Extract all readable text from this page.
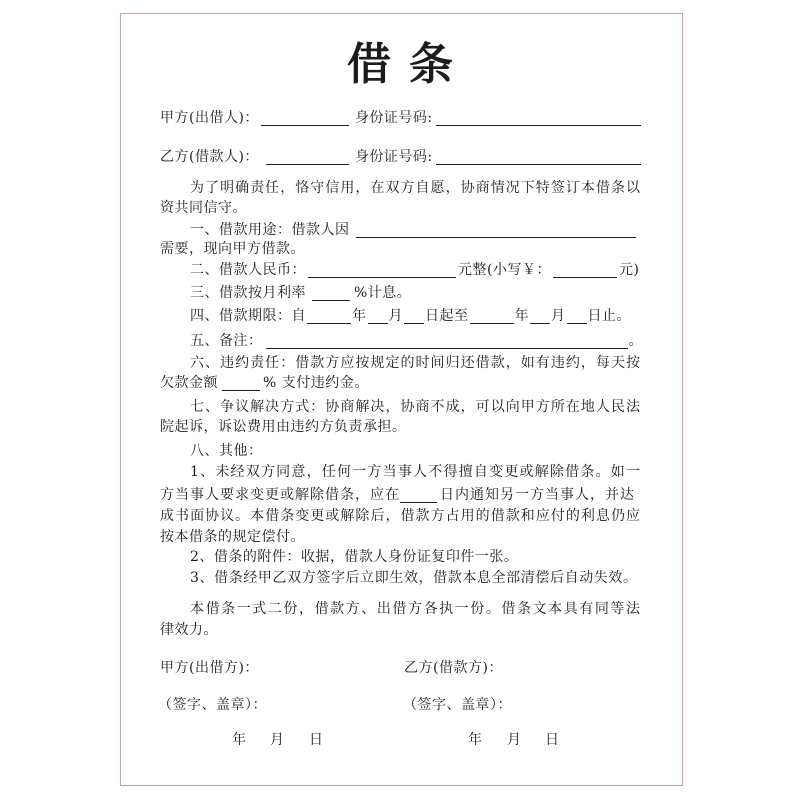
借条
甲方(出借人)：	身份证号码:
乙方(借款人)：	身份证号码:
为了明确责任，恪守信用，在双方自愿，协商情况下特签订本借条以
资共同信守。
一、借款用途：借款人因
需要，现向甲方借款。
二、借款人民币：	元整(小写￥：	元)
三、借款按月利率	%计息。
四、借款期限：自	年 月 日起至	年 月 日止。
五、备注：	。
六、违约责任：借款方应按规定的时间归还借款，如有违约，每天按
欠款金额	% 支付违约金。
七、争议解决方式：协商解决，协商不成，可以向甲方所在地人民法
院起诉，诉讼费用由违约方负责承担。
八、其他：
1、未经双方同意，任何一方当事人不得擅自变更或解除借条。如一
方当事人要求变更或解除借条，应在	日内通知另一方当事人，并达
成书面协议。本借条变更或解除后，借款方占用的借款和应付的利息仍应
按本借条的规定偿付。
2、借条的附件：收据，借款人身份证复印件一张。
3、借条经甲乙双方签字后立即生效，借款本息全部清偿后自动失效。
本借条一式二份，借款方、出借方各执一份。借条文本具有同等法
律效力。
甲方(出借方)：	乙方(借款方)：
（签字、盖章）：	（签字、盖章）：
年 月 日	年 月 日
